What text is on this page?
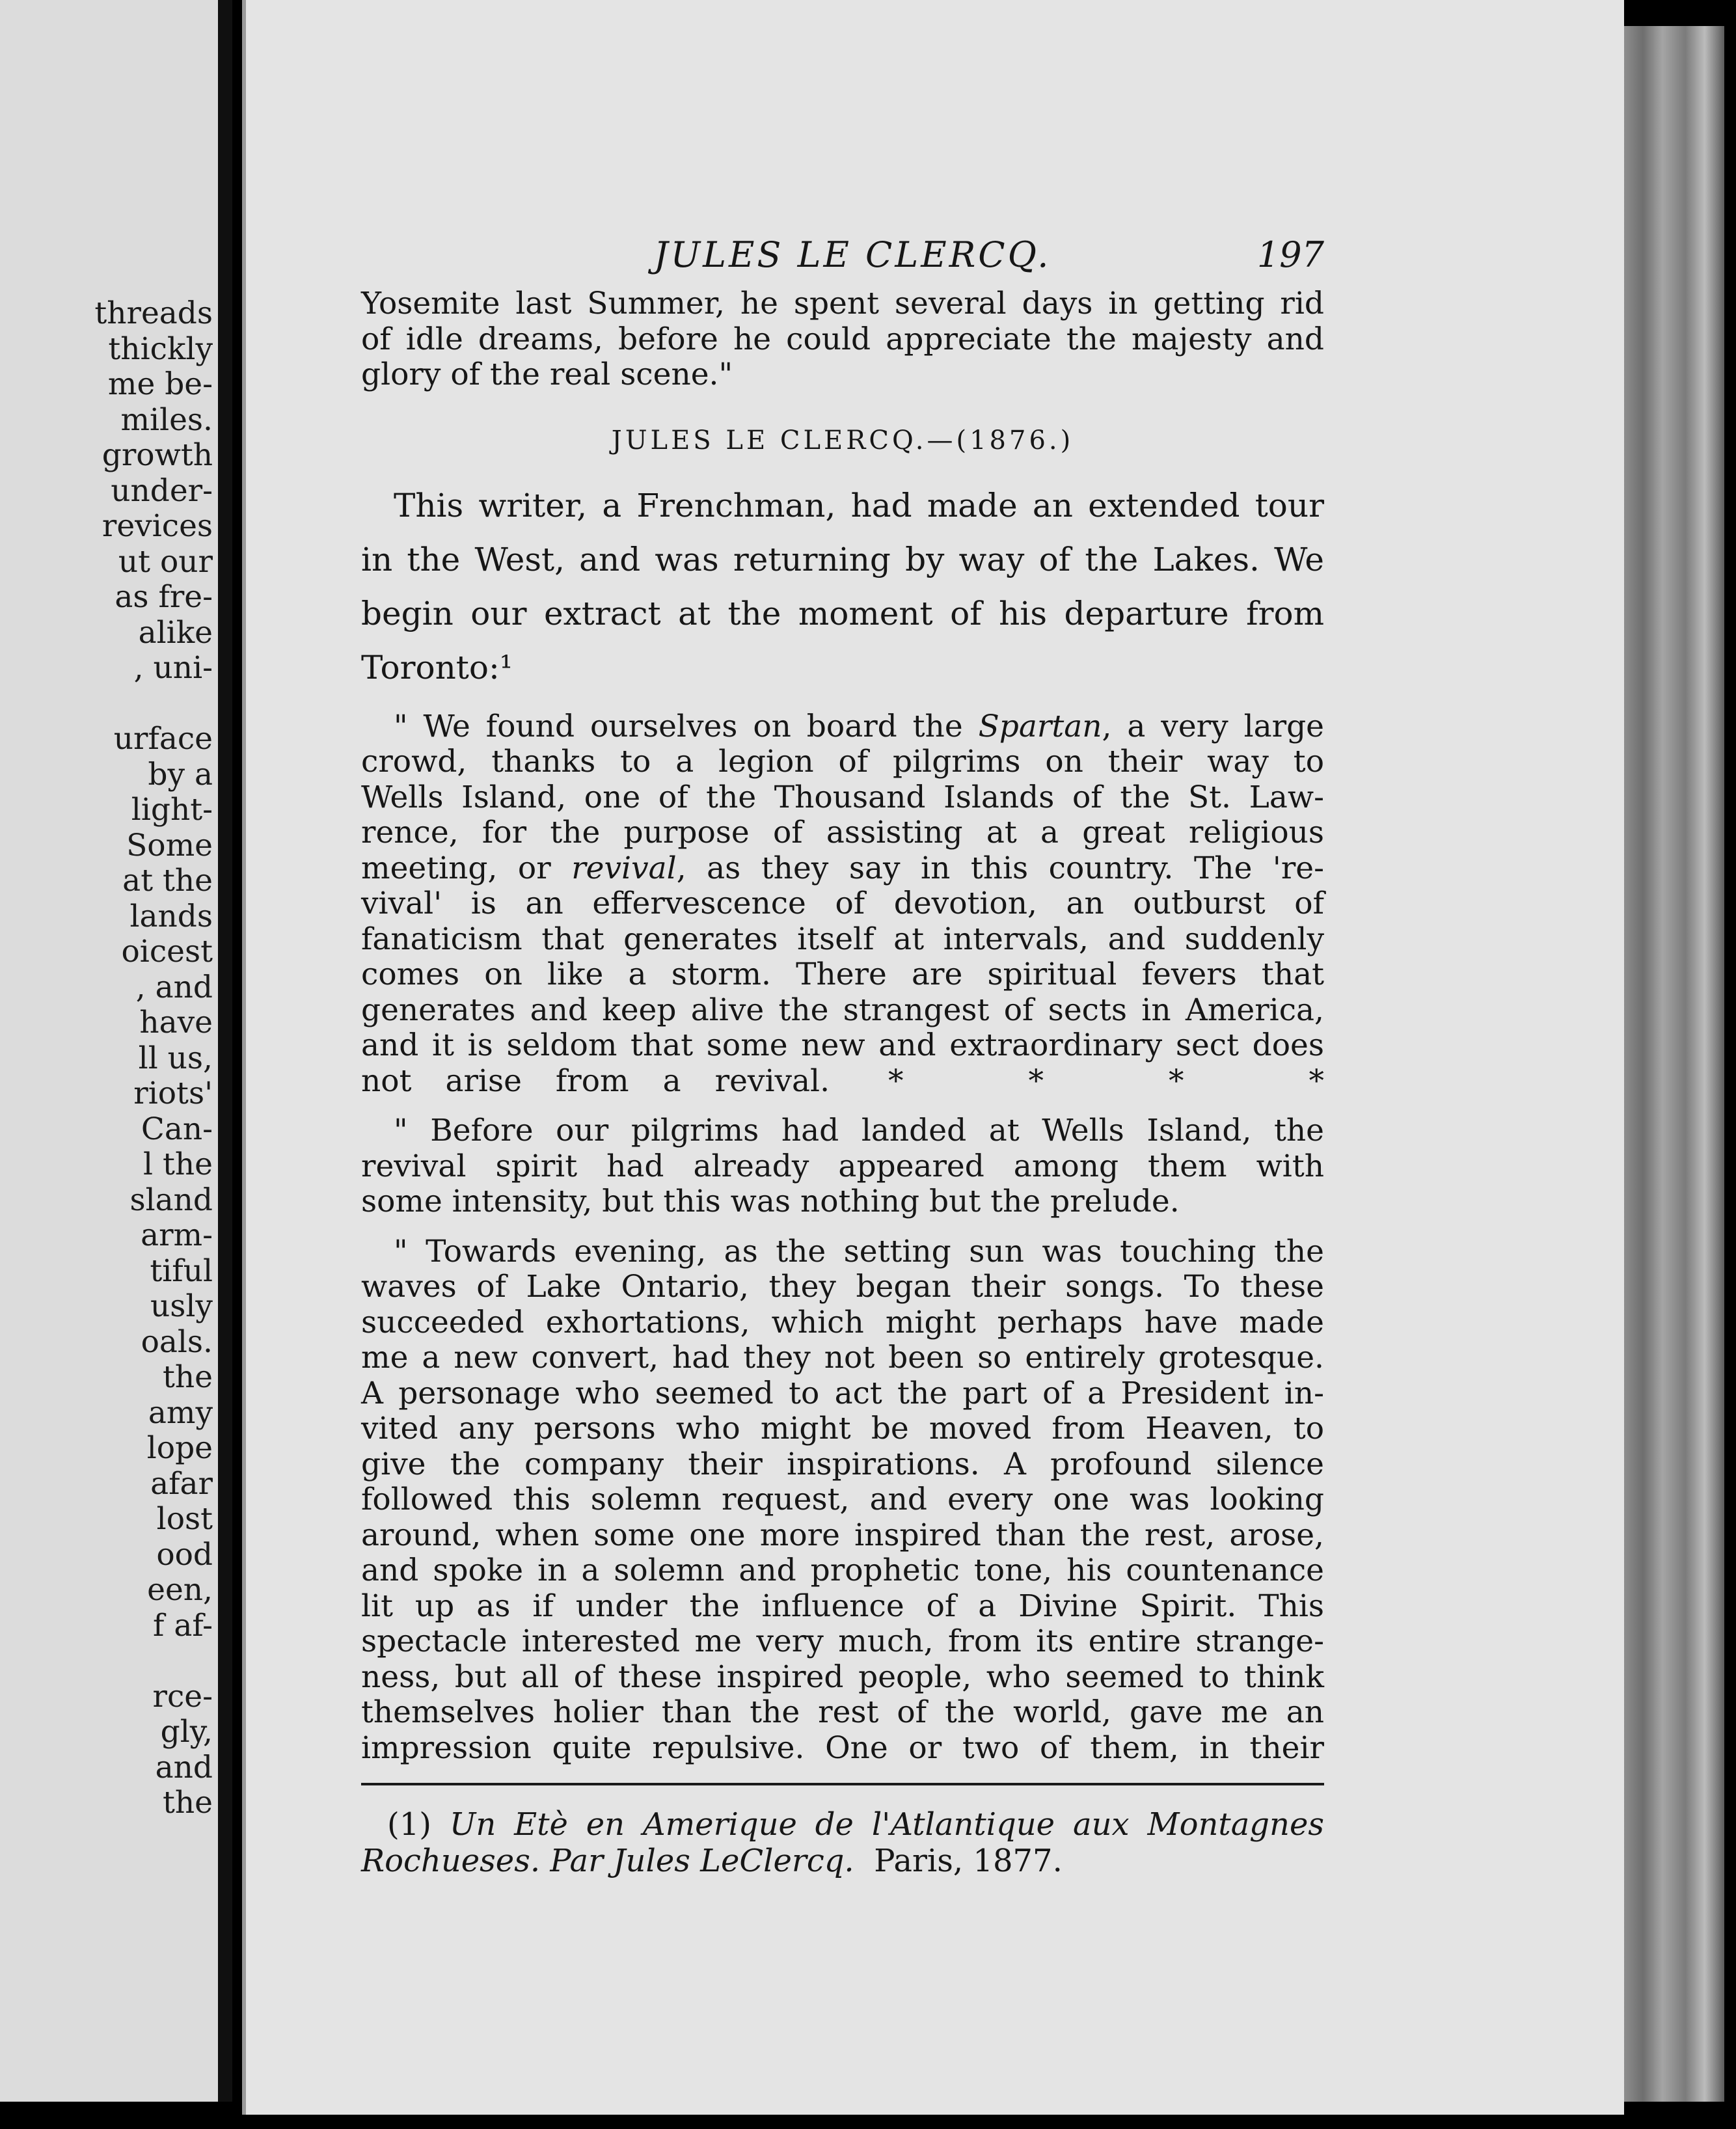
threads
thickly
me be-
miles.
growth
under-
revices
ut our
as fre-
alike
, uni-
urface
by a
light-
Some
at the
lands
oicest
, and
have
ll us,
riots'
Can-
l the
sland
arm-
tiful
usly
oals.
the
amy
lope
afar
lost
ood
een,
f af-
rce-
gly,
and
the
JULES LE CLERCQ.	197
Yosemite last Summer, he spent several days in getting rid
of idle dreams, before he could appreciate the majesty and
glory of the real scene."
JULES LE CLERCQ.—(1876.)
This writer, a Frenchman, had made an extended tour
in the West, and was returning by way of the Lakes. We
begin our extract at the moment of his departure from
Toronto:¹
" We found ourselves on board the Spartan, a very large
crowd, thanks to a legion of pilgrims on their way to
Wells Island, one of the Thousand Islands of the St. Law-
rence, for the purpose of assisting at a great religious
meeting, or revival, as they say in this country. The 're-
vival' is an effervescence of devotion, an outburst of
fanaticism that generates itself at intervals, and suddenly
comes on like a storm. There are spiritual fevers that
generates and keep alive the strangest of sects in America,
and it is seldom that some new and extraordinary sect does
not arise from a revival. * * * *
" Before our pilgrims had landed at Wells Island, the
revival spirit had already appeared among them with
some intensity, but this was nothing but the prelude.
" Towards evening, as the setting sun was touching the
waves of Lake Ontario, they began their songs. To these
succeeded exhortations, which might perhaps have made
me a new convert, had they not been so entirely grotesque.
A personage who seemed to act the part of a President in-
vited any persons who might be moved from Heaven, to
give the company their inspirations. A profound silence
followed this solemn request, and every one was looking
around, when some one more inspired than the rest, arose,
and spoke in a solemn and prophetic tone, his countenance
lit up as if under the influence of a Divine Spirit. This
spectacle interested me very much, from its entire strange-
ness, but all of these inspired people, who seemed to think
themselves holier than the rest of the world, gave me an
impression quite repulsive. One or two of them, in their
(1) Un Etè en Amerique de l'Atlantique aux Montagnes
Rochueses. Par Jules LeClercq. Paris, 1877.
